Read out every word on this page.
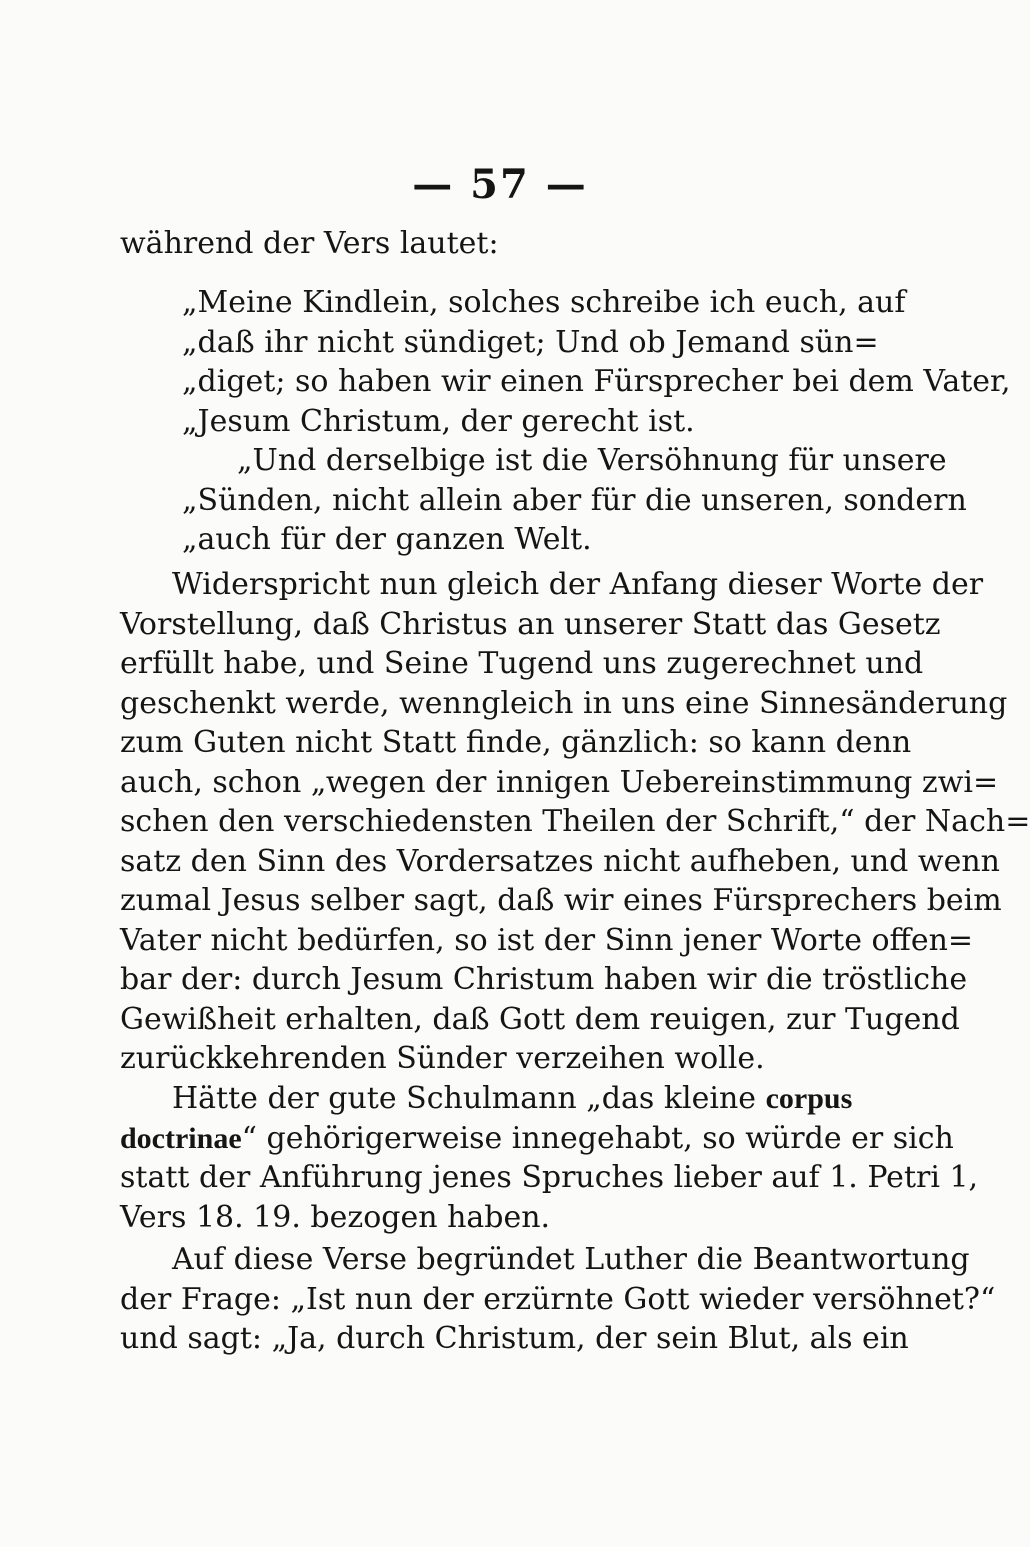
— 57 —
während der Vers lautet:
„Meine Kindlein, solches schreibe ich euch, auf
„daß ihr nicht sündiget; Und ob Jemand sün=
„diget; so haben wir einen Fürsprecher bei dem Vater,
„Jesum Christum, der gerecht ist.
„Und derselbige ist die Versöhnung für unsere
„Sünden, nicht allein aber für die unseren, sondern
„auch für der ganzen Welt.
Widerspricht nun gleich der Anfang dieser Worte der
Vorstellung, daß Christus an unserer Statt das Gesetz
erfüllt habe, und Seine Tugend uns zugerechnet und
geschenkt werde, wenngleich in uns eine Sinnesänderung
zum Guten nicht Statt finde, gänzlich: so kann denn
auch, schon „wegen der innigen Uebereinstimmung zwi=
schen den verschiedensten Theilen der Schrift,“ der Nach=
satz den Sinn des Vordersatzes nicht aufheben, und wenn
zumal Jesus selber sagt, daß wir eines Fürsprechers beim
Vater nicht bedürfen, so ist der Sinn jener Worte offen=
bar der: durch Jesum Christum haben wir die tröstliche
Gewißheit erhalten, daß Gott dem reuigen, zur Tugend
zurückkehrenden Sünder verzeihen wolle.
Hätte der gute Schulmann „das kleine corpus
doctrinae“ gehörigerweise innegehabt, so würde er sich
statt der Anführung jenes Spruches lieber auf 1. Petri 1,
Vers 18. 19. bezogen haben.
Auf diese Verse begründet Luther die Beantwortung
der Frage: „Ist nun der erzürnte Gott wieder versöhnet?“
und sagt: „Ja, durch Christum, der sein Blut, als ein
